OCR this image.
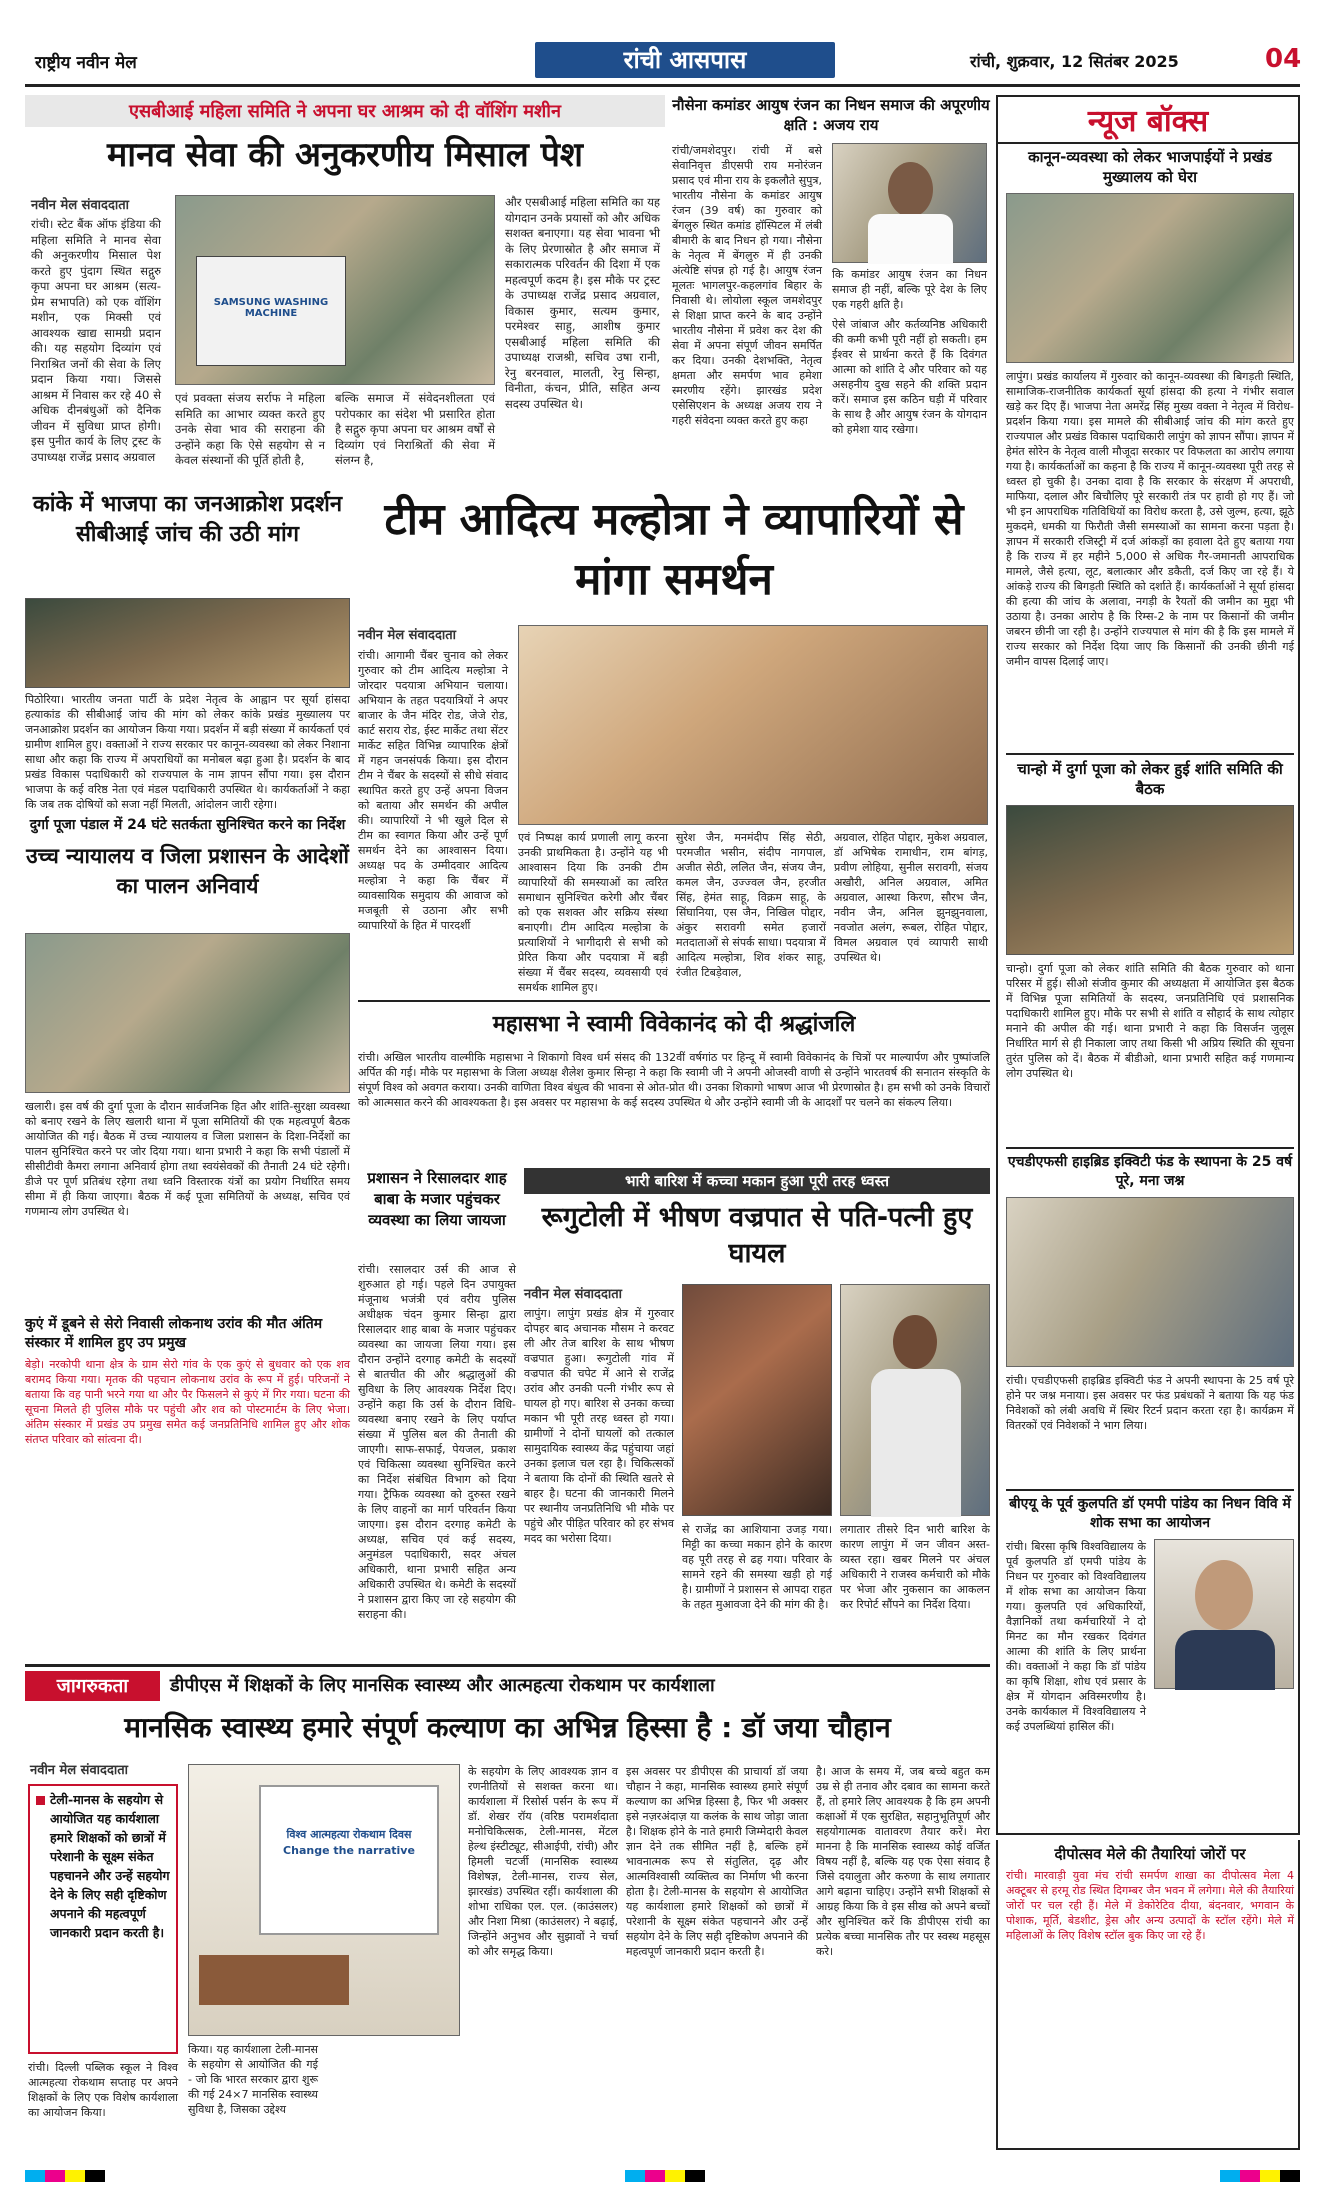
राष्ट्रीय नवीन मेल	रांची आसपास	रांची, शुक्रवार, 12 सितंबर 2025	04
एसबीआई महिला समिति ने अपना घर आश्रम को दी वॉशिंग मशीन
मानव सेवा की अनुकरणीय मिसाल पेश
नवीन मेल संवाददाता
रांची। स्टेट बैंक ऑफ इंडिया की महिला समिति ने मानव सेवा की अनुकरणीय मिसाल पेश करते हुए पुंदाग स्थित सद्गुरु कृपा अपना घर आश्रम (सत्य-प्रेम सभापति) को एक वॉशिंग मशीन, एक मिक्सी एवं आवश्यक खाद्य सामग्री प्रदान की। यह सहयोग दिव्यांग एवं निराश्रित जनों की सेवा के लिए प्रदान किया गया। जिससे आश्रम में निवास कर रहे 40 से अधिक दीनबंधुओं को दैनिक जीवन में सुविधा प्राप्त होगी। इस पुनीत कार्य के लिए ट्रस्ट के उपाध्यक्ष राजेंद्र प्रसाद अग्रवाल
SAMSUNG WASHING MACHINE
एवं प्रवक्ता संजय सर्राफ ने महिला समिति का आभार व्यक्त करते हुए उनके सेवा भाव की सराहना की उन्होंने कहा कि ऐसे सहयोग से न केवल संस्थानों की पूर्ति होती है,
बल्कि समाज में संवेदनशीलता एवं परोपकार का संदेश भी प्रसारित होता है सद्गुरु कृपा अपना घर आश्रम वर्षों से दिव्यांग एवं निराश्रितों की सेवा में संलग्न है,
और एसबीआई महिला समिति का यह योगदान उनके प्रयासों को और अधिक सशक्त बनाएगा। यह सेवा भावना भी के लिए प्रेरणास्रोत है और समाज में सकारात्मक परिवर्तन की दिशा में एक महत्वपूर्ण कदम है। इस मौके पर ट्रस्ट के उपाध्यक्ष राजेंद्र प्रसाद अग्रवाल, विकास कुमार, सत्यम कुमार, परमेश्वर साहु, आशीष कुमार एसबीआई महिला समिति की उपाध्यक्ष राजश्री, सचिव उषा रानी, रेनु बरनवाल, मालती, रेनु सिन्हा, विनीता, कंचन, प्रीति, सहित अन्य सदस्य उपस्थित थे।
नौसेना कमांडर आयुष रंजन का निधन समाज की अपूरणीय क्षति : अजय राय
रांची/जमशेदपुर। रांची में बसे सेवानिवृत्त डीएसपी राय मनोरंजन प्रसाद एवं मीना राय के इकलौते सुपुत्र, भारतीय नौसेना के कमांडर आयुष रंजन (39 वर्ष) का गुरुवार को बेंगलुरु स्थित कमांड हॉस्पिटल में लंबी बीमारी के बाद निधन हो गया। नौसेना के नेतृत्व में बेंगलुरु में ही उनकी अंत्येष्टि संपन्न हो गई है। आयुष रंजन मूलतः भागलपुर-कहलगांव बिहार के निवासी थे। लोयोला स्कूल जमशेदपुर से शिक्षा प्राप्त करने के बाद उन्होंने भारतीय नौसेना में प्रवेश कर देश की सेवा में अपना संपूर्ण जीवन समर्पित कर दिया। उनकी देशभक्ति, नेतृत्व क्षमता और समर्पण भाव हमेशा स्मरणीय रहेंगे। झारखंड प्रदेश एसेसिएशन के अध्यक्ष अजय राय ने गहरी संवेदना व्यक्त करते हुए कहा
कि कमांडर आयुष रंजन का निधन समाज ही नहीं, बल्कि पूरे देश के लिए एक गहरी क्षति है।
ऐसे जांबाज और कर्तव्यनिष्ठ अधिकारी की कमी कभी पूरी नहीं हो सकती। हम ईश्वर से प्रार्थना करते हैं कि दिवंगत आत्मा को शांति दे और परिवार को यह असहनीय दुख सहने की शक्ति प्रदान करें। समाज इस कठिन घड़ी में परिवार के साथ है और आयुष रंजन के योगदान को हमेशा याद रखेगा।
न्यूज बॉक्स
कानून-व्यवस्था को लेकर भाजपाईयों ने प्रखंड मुख्यालय को घेरा
लापुंग। प्रखंड कार्यालय में गुरुवार को कानून-व्यवस्था की बिगड़ती स्थिति, सामाजिक-राजनीतिक कार्यकर्ता सूर्या हांसदा की हत्या ने गंभीर सवाल खड़े कर दिए हैं। भाजपा नेता अमरेंद्र सिंह मुख्य वक्ता ने नेतृत्व में विरोध-प्रदर्शन किया गया। इस मामले की सीबीआई जांच की मांग करते हुए राज्यपाल और प्रखंड विकास पदाधिकारी लापुंग को ज्ञापन सौंपा। ज्ञापन में हेमंत सोरेन के नेतृत्व वाली मौजूदा सरकार पर विफलता का आरोप लगाया गया है। कार्यकर्ताओं का कहना है कि राज्य में कानून-व्यवस्था पूरी तरह से ध्वस्त हो चुकी है। उनका दावा है कि सरकार के संरक्षण में अपराधी, माफिया, दलाल और बिचौलिए पूरे सरकारी तंत्र पर हावी हो गए हैं। जो भी इन आपराधिक गतिविधियों का विरोध करता है, उसे जुल्म, हत्या, झूठे मुकदमे, धमकी या फिरौती जैसी समस्याओं का सामना करना पड़ता है। ज्ञापन में सरकारी रजिस्ट्री में दर्ज आंकड़ों का हवाला देते हुए बताया गया है कि राज्य में हर महीने 5,000 से अधिक गैर-जमानती आपराधिक मामले, जैसे हत्या, लूट, बलात्कार और डकैती, दर्ज किए जा रहे हैं। ये आंकड़े राज्य की बिगड़ती स्थिति को दर्शाते हैं। कार्यकर्ताओं ने सूर्या हांसदा की हत्या की जांच के अलावा, नगड़ी के रैयतों की जमीन का मुद्दा भी उठाया है। उनका आरोप है कि रिम्स-2 के नाम पर किसानों की जमीन जबरन छीनी जा रही है। उन्होंने राज्यपाल से मांग की है कि इस मामले में राज्य सरकार को निर्देश दिया जाए कि किसानों की उनकी छीनी गई जमीन वापस दिलाई जाए।
चान्हो में दुर्गा पूजा को लेकर हुई शांति समिति की बैठक
चान्हो। दुर्गा पूजा को लेकर शांति समिति की बैठक गुरुवार को थाना परिसर में हुई। सीओ संजीव कुमार की अध्यक्षता में आयोजित इस बैठक में विभिन्न पूजा समितियों के सदस्य, जनप्रतिनिधि एवं प्रशासनिक पदाधिकारी शामिल हुए। मौके पर सभी से शांति व सौहार्द के साथ त्योहार मनाने की अपील की गई। थाना प्रभारी ने कहा कि विसर्जन जुलूस निर्धारित मार्ग से ही निकाला जाए तथा किसी भी अप्रिय स्थिति की सूचना तुरंत पुलिस को दें। बैठक में बीडीओ, थाना प्रभारी सहित कई गणमान्य लोग उपस्थित थे।
एचडीएफसी हाइब्रिड इक्विटी फंड के स्थापना के 25 वर्ष पूरे, मना जश्न
रांची। एचडीएफसी हाइब्रिड इक्विटी फंड ने अपनी स्थापना के 25 वर्ष पूरे होने पर जश्न मनाया। इस अवसर पर फंड प्रबंधकों ने बताया कि यह फंड निवेशकों को लंबी अवधि में स्थिर रिटर्न प्रदान करता रहा है। कार्यक्रम में वितरकों एवं निवेशकों ने भाग लिया।
बीएयू के पूर्व कुलपति डॉ एमपी पांडेय का निधन विवि में शोक सभा का आयोजन
रांची। बिरसा कृषि विश्वविद्यालय के पूर्व कुलपति डॉ एमपी पांडेय के निधन पर गुरुवार को विश्वविद्यालय में शोक सभा का आयोजन किया गया। कुलपति एवं अधिकारियों, वैज्ञानिकों तथा कर्मचारियों ने दो मिनट का मौन रखकर दिवंगत आत्मा की शांति के लिए प्रार्थना की। वक्ताओं ने कहा कि डॉ पांडेय का कृषि शिक्षा, शोध एवं प्रसार के क्षेत्र में योगदान अविस्मरणीय है। उनके कार्यकाल में विश्वविद्यालय ने कई उपलब्धियां हासिल कीं।
कांके में भाजपा का जनआक्रोश प्रदर्शन सीबीआई जांच की उठी मांग
पिठोरिया। भारतीय जनता पार्टी के प्रदेश नेतृत्व के आह्वान पर सूर्या हांसदा हत्याकांड की सीबीआई जांच की मांग को लेकर कांके प्रखंड मुख्यालय पर जनआक्रोश प्रदर्शन का आयोजन किया गया। प्रदर्शन में बड़ी संख्या में कार्यकर्ता एवं ग्रामीण शामिल हुए। वक्ताओं ने राज्य सरकार पर कानून-व्यवस्था को लेकर निशाना साधा और कहा कि राज्य में अपराधियों का मनोबल बढ़ा हुआ है। प्रदर्शन के बाद प्रखंड विकास पदाधिकारी को राज्यपाल के नाम ज्ञापन सौंपा गया। इस दौरान भाजपा के कई वरिष्ठ नेता एवं मंडल पदाधिकारी उपस्थित थे। कार्यकर्ताओं ने कहा कि जब तक दोषियों को सजा नहीं मिलती, आंदोलन जारी रहेगा।
टीम आदित्य मल्होत्रा ने व्यापारियों से मांगा समर्थन
नवीन मेल संवाददाता
रांची। आगामी चैंबर चुनाव को लेकर गुरुवार को टीम आदित्य मल्होत्रा ने जोरदार पदयात्रा अभियान चलाया। अभियान के तहत पदयात्रियों ने अपर बाजार के जैन मंदिर रोड, जेजे रोड, कार्ट सराय रोड, ईस्ट मार्केट तथा सेंटर मार्केट सहित विभिन्न व्यापारिक क्षेत्रों में गहन जनसंपर्क किया। इस दौरान टीम ने चैंबर के सदस्यों से सीधे संवाद स्थापित करते हुए उन्हें अपना विजन को बताया और समर्थन की अपील की। व्यापारियों ने भी खुले दिल से टीम का स्वागत किया और उन्हें पूर्ण समर्थन देने का आश्वासन दिया। अध्यक्ष पद के उम्मीदवार आदित्य मल्होत्रा ने कहा कि चैंबर में व्यावसायिक समुदाय की आवाज को मजबूती से उठाना और सभी व्यापारियों के हित में पारदर्शी
एवं निष्पक्ष कार्य प्रणाली लागू करना उनकी प्राथमिकता है। उन्होंने यह भी आश्वासन दिया कि उनकी टीम व्यापारियों की समस्याओं का त्वरित समाधान सुनिश्चित करेगी और चैंबर को एक सशक्त और सक्रिय संस्था बनाएगी। टीम आदित्य मल्होत्रा के प्रत्याशियों ने भागीदारी से सभी को प्रेरित किया और पदयात्रा में बड़ी संख्या में चैंबर सदस्य, व्यवसायी एवं समर्थक शामिल हुए।
सुरेश जैन, मनमंदीप सिंह सेठी, परमजीत भसीन, संदीप नागपाल, अजीत सेठी, ललित जैन, संजय जैन, कमल जैन, उज्ज्वल जैन, हरजीत सिंह, हेमंत साहू, विक्रम साहू, के सिंघानिया, एस जैन, निखिल पोद्दार, अंकुर सरावगी समेत हजारों मतदाताओं से संपर्क साधा। पदयात्रा में आदित्य मल्होत्रा, शिव शंकर साहू, रंजीत टिबड़ेवाल,
अग्रवाल, रोहित पोद्दार, मुकेश अग्रवाल, डॉ अभिषेक रामाधीन, राम बांगड़, प्रवीण लोहिया, सुनील सरावगी, संजय अखौरी, अनिल अग्रवाल, अमित अग्रवाल, आस्था किरण, सौरभ जैन, नवीन जैन, अनिल झुनझुनवाला, नवजोत अलंग, रूबल, रोहित पोद्दार, विमल अग्रवाल एवं व्यापारी साथी उपस्थित थे।
दुर्गा पूजा पंडाल में 24 घंटे सतर्कता सुनिश्चित करने का निर्देश
उच्च न्यायालय व जिला प्रशासन के आदेशों का पालन अनिवार्य
खलारी। इस वर्ष की दुर्गा पूजा के दौरान सार्वजनिक हित और शांति-सुरक्षा व्यवस्था को बनाए रखने के लिए खलारी थाना में पूजा समितियों की एक महत्वपूर्ण बैठक आयोजित की गई। बैठक में उच्च न्यायालय व जिला प्रशासन के दिशा-निर्देशों का पालन सुनिश्चित करने पर जोर दिया गया। थाना प्रभारी ने कहा कि सभी पंडालों में सीसीटीवी कैमरा लगाना अनिवार्य होगा तथा स्वयंसेवकों की तैनाती 24 घंटे रहेगी। डीजे पर पूर्ण प्रतिबंध रहेगा तथा ध्वनि विस्तारक यंत्रों का प्रयोग निर्धारित समय सीमा में ही किया जाएगा। बैठक में कई पूजा समितियों के अध्यक्ष, सचिव एवं गणमान्य लोग उपस्थित थे।
कुएं में डूबने से सेरो निवासी लोकनाथ उरांव की मौत अंतिम संस्कार में शामिल हुए उप प्रमुख
बेड़ो। नरकोपी थाना क्षेत्र के ग्राम सेरो गांव के एक कुएं से बुधवार को एक शव बरामद किया गया। मृतक की पहचान लोकनाथ उरांव के रूप में हुई। परिजनों ने बताया कि वह पानी भरने गया था और पैर फिसलने से कुएं में गिर गया। घटना की सूचना मिलते ही पुलिस मौके पर पहुंची और शव को पोस्टमार्टम के लिए भेजा। अंतिम संस्कार में प्रखंड उप प्रमुख समेत कई जनप्रतिनिधि शामिल हुए और शोक संतप्त परिवार को सांत्वना दी।
महासभा ने स्वामी विवेकानंद को दी श्रद्धांजलि
रांची। अखिल भारतीय वाल्मीकि महासभा ने शिकागो विश्व धर्म संसद की 132वीं वर्षगांठ पर हिन्दू में स्वामी विवेकानंद के चित्रों पर माल्यार्पण और पुष्पांजलि अर्पित की गई। मौके पर महासभा के जिला अध्यक्ष शैलेश कुमार सिन्हा ने कहा कि स्वामी जी ने अपनी ओजस्वी वाणी से उन्होंने भारतवर्ष की सनातन संस्कृति के संपूर्ण विश्व को अवगत कराया। उनकी वाणिता विश्व बंधुत्व की भावना से ओत-प्रोत थी। उनका शिकागो भाषण आज भी प्रेरणास्रोत है। हम सभी को उनके विचारों को आत्मसात करने की आवश्यकता है। इस अवसर पर महासभा के कई सदस्य उपस्थित थे और उन्होंने स्वामी जी के आदर्शों पर चलने का संकल्प लिया।
प्रशासन ने रिसालदार शाह बाबा के मजार पहुंचकर व्यवस्था का लिया जायजा
रांची। रसालदार उर्स की आज से शुरुआत हो गई। पहले दिन उपायुक्त मंजूनाथ भजंत्री एवं वरीय पुलिस अधीक्षक चंदन कुमार सिन्हा द्वारा रिसालदार शाह बाबा के मजार पहुंचकर व्यवस्था का जायजा लिया गया। इस दौरान उन्होंने दरगाह कमेटी के सदस्यों से बातचीत की और श्रद्धालुओं की सुविधा के लिए आवश्यक निर्देश दिए। उन्होंने कहा कि उर्स के दौरान विधि-व्यवस्था बनाए रखने के लिए पर्याप्त संख्या में पुलिस बल की तैनाती की जाएगी। साफ-सफाई, पेयजल, प्रकाश एवं चिकित्सा व्यवस्था सुनिश्चित करने का निर्देश संबंधित विभाग को दिया गया। ट्रैफिक व्यवस्था को दुरुस्त रखने के लिए वाहनों का मार्ग परिवर्तन किया जाएगा। इस दौरान दरगाह कमेटी के अध्यक्ष, सचिव एवं कई सदस्य, अनुमंडल पदाधिकारी, सदर अंचल अधिकारी, थाना प्रभारी सहित अन्य अधिकारी उपस्थित थे। कमेटी के सदस्यों ने प्रशासन द्वारा किए जा रहे सहयोग की सराहना की।
भारी बारिश में कच्चा मकान हुआ पूरी तरह ध्वस्त
रूगुटोली में भीषण वज्रपात से पति-पत्नी हुए घायल
नवीन मेल संवाददाता
लापुंग। लापुंग प्रखंड क्षेत्र में गुरुवार दोपहर बाद अचानक मौसम ने करवट ली और तेज बारिश के साथ भीषण वज्रपात हुआ। रूगुटोली गांव में वज्रपात की चपेट में आने से राजेंद्र उरांव और उनकी पत्नी गंभीर रूप से घायल हो गए। बारिश से उनका कच्चा मकान भी पूरी तरह ध्वस्त हो गया। ग्रामीणों ने दोनों घायलों को तत्काल सामुदायिक स्वास्थ्य केंद्र पहुंचाया जहां उनका इलाज चल रहा है। चिकित्सकों ने बताया कि दोनों की स्थिति खतरे से बाहर है। घटना की जानकारी मिलने पर स्थानीय जनप्रतिनिधि भी मौके पर पहुंचे और पीड़ित परिवार को हर संभव मदद का भरोसा दिया।
से राजेंद्र का आशियाना उजड़ गया। मिट्टी का कच्चा मकान होने के कारण वह पूरी तरह से ढह गया। परिवार के सामने रहने की समस्या खड़ी हो गई है। ग्रामीणों ने प्रशासन से आपदा राहत के तहत मुआवजा देने की मांग की है।
लगातार तीसरे दिन भारी बारिश के कारण लापुंग में जन जीवन अस्त-व्यस्त रहा। खबर मिलने पर अंचल अधिकारी ने राजस्व कर्मचारी को मौके पर भेजा और नुकसान का आकलन कर रिपोर्ट सौंपने का निर्देश दिया।
जागरुकता	डीपीएस में शिक्षकों के लिए मानसिक स्वास्थ्य और आत्महत्या रोकथाम पर कार्यशाला
मानसिक स्वास्थ्य हमारे संपूर्ण कल्याण का अभिन्न हिस्सा है : डॉ जया चौहान
नवीन मेल संवाददाता
टेली-मानस के सहयोग से आयोजित यह कार्यशाला हमारे शिक्षकों को छात्रों में परेशानी के सूक्ष्म संकेत पहचानने और उन्हें सहयोग देने के लिए सही दृष्टिकोण अपनाने की महत्वपूर्ण जानकारी प्रदान करती है।
रांची। दिल्ली पब्लिक स्कूल ने विश्व आत्महत्या रोकथाम सप्ताह पर अपने शिक्षकों के लिए एक विशेष कार्यशाला का आयोजन किया।
विश्व आत्महत्या रोकथाम दिवस Change the narrative
किया। यह कार्यशाला टेली-मानस के सहयोग से आयोजित की गई - जो कि भारत सरकार द्वारा शुरू की गई 24×7 मानसिक स्वास्थ्य सुविधा है, जिसका उद्देश्य
के सहयोग के लिए आवश्यक ज्ञान व रणनीतियों से सशक्त करना था। कार्यशाला में रिसोर्स पर्सन के रूप में डॉ. शेखर रॉय (वरिष्ठ परामर्शदाता मनोचिकित्सक, टेली-मानस, मेंटल हेल्थ इंस्टीट्यूट, सीआईपी, रांची) और हिमली चटर्जी (मानसिक स्वास्थ्य विशेषज्ञ, टेली-मानस, राज्य सेल, झारखंड) उपस्थित रहीं। कार्यशाला की शोभा राधिका एल. एल. (काउंसलर) और निशा मिश्रा (काउंसलर) ने बढ़ाई, जिन्होंने अनुभव और सुझावों ने चर्चा को और समृद्ध किया।
इस अवसर पर डीपीएस की प्राचार्या डॉ जया चौहान ने कहा, मानसिक स्वास्थ्य हमारे संपूर्ण कल्याण का अभिन्न हिस्सा है, फिर भी अक्सर इसे नज़रअंदाज़ या कलंक के साथ जोड़ा जाता है। शिक्षक होने के नाते हमारी जिम्मेदारी केवल ज्ञान देने तक सीमित नहीं है, बल्कि हमें भावनात्मक रूप से संतुलित, दृढ़ और आत्मविश्वासी व्यक्तित्व का निर्माण भी करना होता है। टेली-मानस के सहयोग से आयोजित यह कार्यशाला हमारे शिक्षकों को छात्रों में परेशानी के सूक्ष्म संकेत पहचानने और उन्हें सहयोग देने के लिए सही दृष्टिकोण अपनाने की महत्वपूर्ण जानकारी प्रदान करती है।
है। आज के समय में, जब बच्चे बहुत कम उम्र से ही तनाव और दबाव का सामना करते हैं, तो हमारे लिए आवश्यक है कि हम अपनी कक्षाओं में एक सुरक्षित, सहानुभूतिपूर्ण और सहयोगात्मक वातावरण तैयार करें। मेरा मानना है कि मानसिक स्वास्थ्य कोई वर्जित विषय नहीं है, बल्कि यह एक ऐसा संवाद है जिसे दयालुता और करुणा के साथ लगातार आगे बढ़ाना चाहिए। उन्होंने सभी शिक्षकों से आग्रह किया कि वे इस सीख को अपने बच्चों और सुनिश्चित करें कि डीपीएस रांची का प्रत्येक बच्चा मानसिक तौर पर स्वस्थ महसूस करे।
दीपोत्सव मेले की तैयारियां जोरों पर
रांची। मारवाड़ी युवा मंच रांची समर्पण शाखा का दीपोत्सव मेला 4 अक्टूबर से हरमू रोड स्थित दिगम्बर जैन भवन में लगेगा। मेले की तैयारियां जोरों पर चल रही हैं। मेले में डेकोरेटिव दीया, बंदनवार, भगवान के पोशाक, मूर्ति, बेडशीट, ड्रेस और अन्य उत्पादों के स्टॉल रहेंगे। मेले में महिलाओं के लिए विशेष स्टॉल बुक किए जा रहे हैं।
